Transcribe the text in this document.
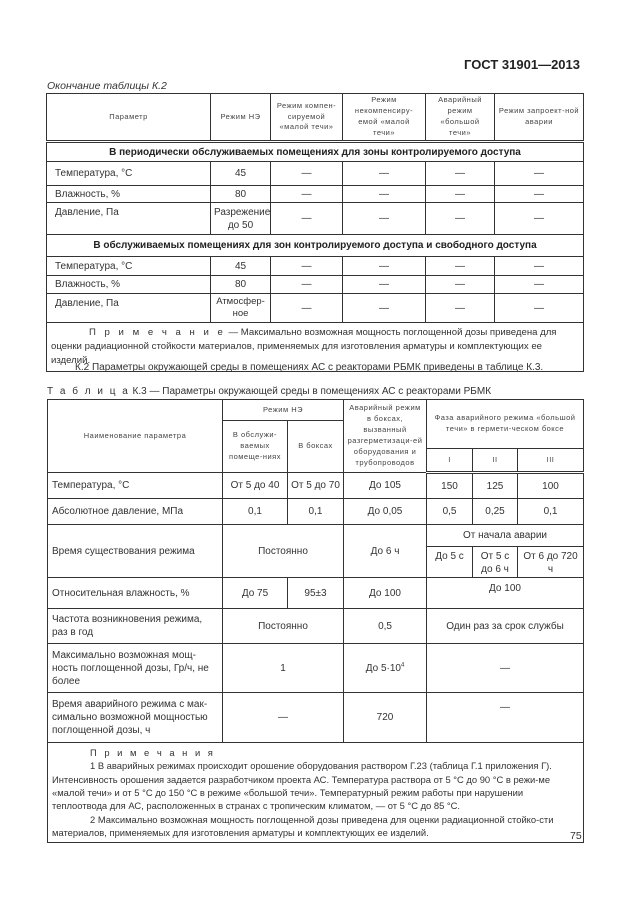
ГОСТ 31901—2013
Окончание таблицы К.2
Параметр	Режим НЭ	Режим компен-сируемой «малой течи»	Режим некомпенсиру-емой «малой течи»	Аварийный режим «большой течи»	Режим запроект-ной аварии
В периодически обслуживаемых помещениях для зоны контролируемого доступа					
Температура, °С	45	—	—	—	—
Влажность, %	80	—	—	—	—
Давление, Па	Разрежение до 50	—	—	—	—
В обслуживаемых помещениях для зон контролируемого доступа и свободного доступа					
Температура, °С	45	—	—	—	—
Влажность, %	80	—	—	—	—
Давление, Па	Атмосфер-ное	—	—	—	—

П р и м е ч а н и е — Максимально возможная мощность поглощенной дозы приведена для оценки радиационной стойкости материалов, применяемых для изготовления арматуры и комплектующих ее изделий.					
К.2 Параметры окружающей среды в помещениях АС с реакторами РБМК приведены в таблице К.3.
Т а б л и ц а К.3 — Параметры окружающей среды в помещениях АС с реакторами РБМК
Наименование параметра	Режим НЭ		Аварийный режим в боксах, вызванный разгерметизаци-ей оборудования и трубопроводов	Фаза аварийного режима «большой течи» в гермети-ческом боксе		
	В обслужи-ваемых помеще-ниях	В боксах				
				I	II	III
Температура, °С	От 5 до 40	От 5 до 70	До 105	150	125	100
Абсолютное давление, МПа	0,1	0,1	До 0,05	0,5	0,25	0,1
Время существования режима	Постоянно		До 6 ч	От начала аварии		
				До 5 с	От 5 с до 6 ч	От 6 до 720 ч
Относительная влажность, %	До 75	95±3	До 100	До 100		
Частота возникновения режима, раз в год	Постоянно		0,5	Один раз за срок службы		
Максимально возможная мощ-ность поглощенной дозы, Гр/ч, не более	1		До $5\cdot 10^4$	—		
Время аварийного режима с мак-симально возможной мощностью поглощенной дозы, ч	—		720	—		

П р и м е ч а н и я
1 В аварийных режимах происходит орошение оборудования раствором Г.23 (таблица Г.1 приложения Г). Интенсивность орошения задается разработчиком проекта АС. Температура раствора от 5 °С до 90 °С в режи-ме «малой течи» и от 5 °С до 150 °С в режиме «большой течи». Температурный режим работы при нарушении теплоотвода для АС, расположенных в странах с тропическим климатом, — от 5 °С до 85 °С.
2 Максимально возможная мощность поглощенной дозы приведена для оценки радиационной стойко-сти материалов, применяемых для изготовления арматуры и комплектующих ее изделий.							75
